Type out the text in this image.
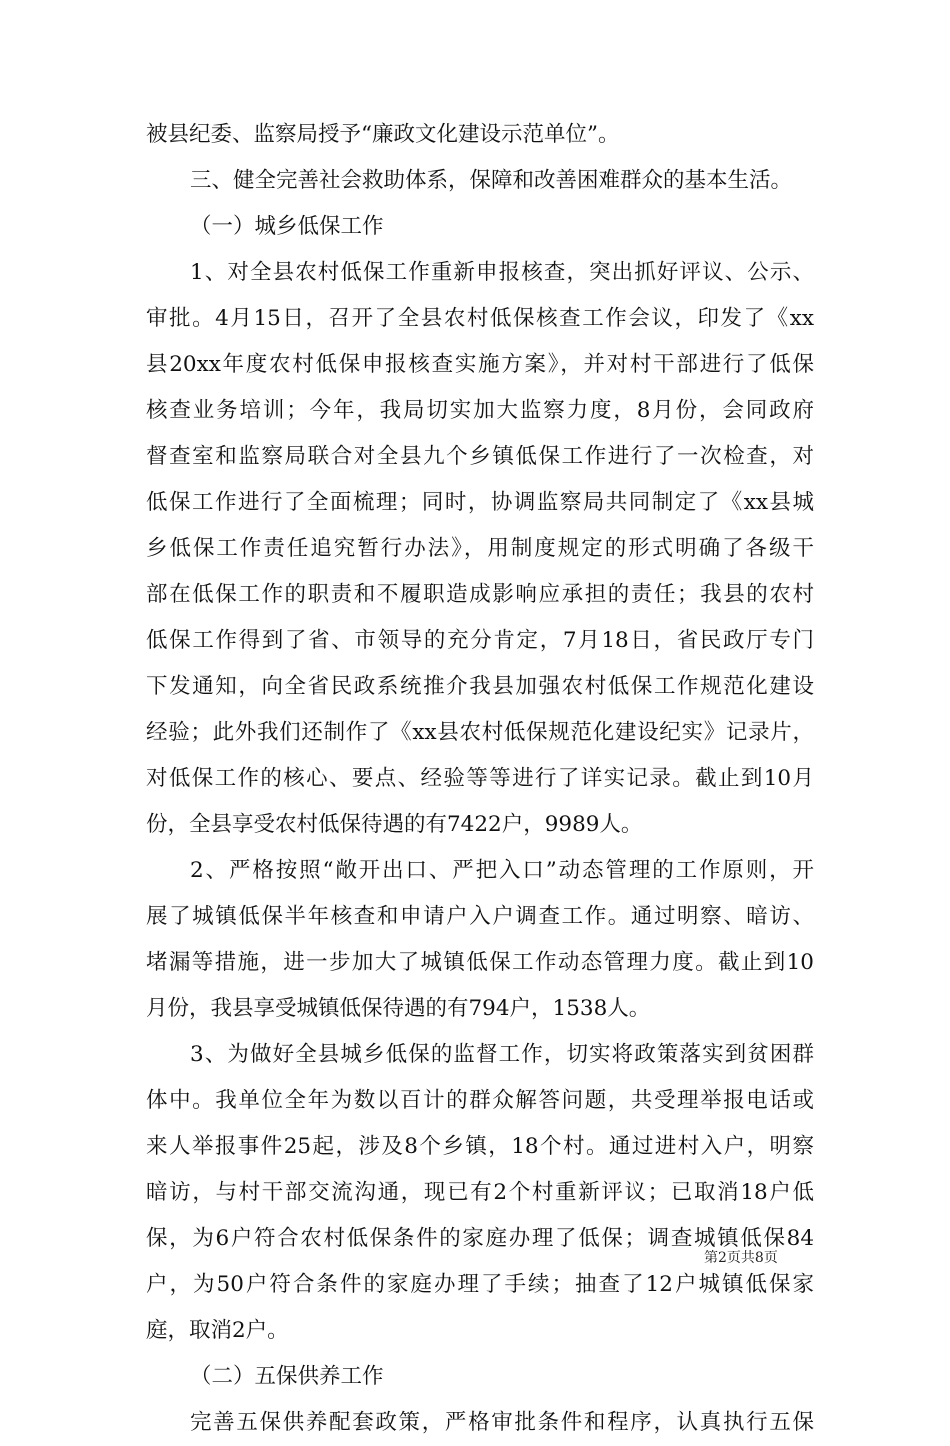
被县纪委、监察局授予“廉政文化建设示范单位”。
三、健全完善社会救助体系，保障和改善困难群众的基本生活。
（一）城乡低保工作
1、对全县农村低保工作重新申报核查，突出抓好评议、公示、
审批。4月15日，召开了全县农村低保核查工作会议，印发了《xx
县20xx年度农村低保申报核查实施方案》，并对村干部进行了低保
核查业务培训；今年，我局切实加大监察力度，8月份，会同政府
督查室和监察局联合对全县九个乡镇低保工作进行了一次检查，对
低保工作进行了全面梳理；同时，协调监察局共同制定了《xx县城
乡低保工作责任追究暂行办法》，用制度规定的形式明确了各级干
部在低保工作的职责和不履职造成影响应承担的责任；我县的农村
低保工作得到了省、市领导的充分肯定，7月18日，省民政厅专门
下发通知，向全省民政系统推介我县加强农村低保工作规范化建设
经验；此外我们还制作了《xx县农村低保规范化建设纪实》记录片，
对低保工作的核心、要点、经验等等进行了详实记录。截止到10月
份，全县享受农村低保待遇的有7422户，9989人。
2、严格按照“敞开出口、严把入口”动态管理的工作原则，开
展了城镇低保半年核查和申请户入户调查工作。通过明察、暗访、
堵漏等措施，进一步加大了城镇低保工作动态管理力度。截止到10
月份，我县享受城镇低保待遇的有794户，1538人。
3、为做好全县城乡低保的监督工作，切实将政策落实到贫困群
体中。我单位全年为数以百计的群众解答问题，共受理举报电话或
来人举报事件25起，涉及8个乡镇，18个村。通过进村入户，明察
暗访，与村干部交流沟通，现已有2个村重新评议；已取消18户低
保，为6户符合农村低保条件的家庭办理了低保；调查城镇低保84
户，为50户符合条件的家庭办理了手续；抽查了12户城镇低保家
庭，取消2户。
（二）五保供养工作
完善五保供养配套政策，严格审批条件和程序，认真执行五保
第2页共8页
